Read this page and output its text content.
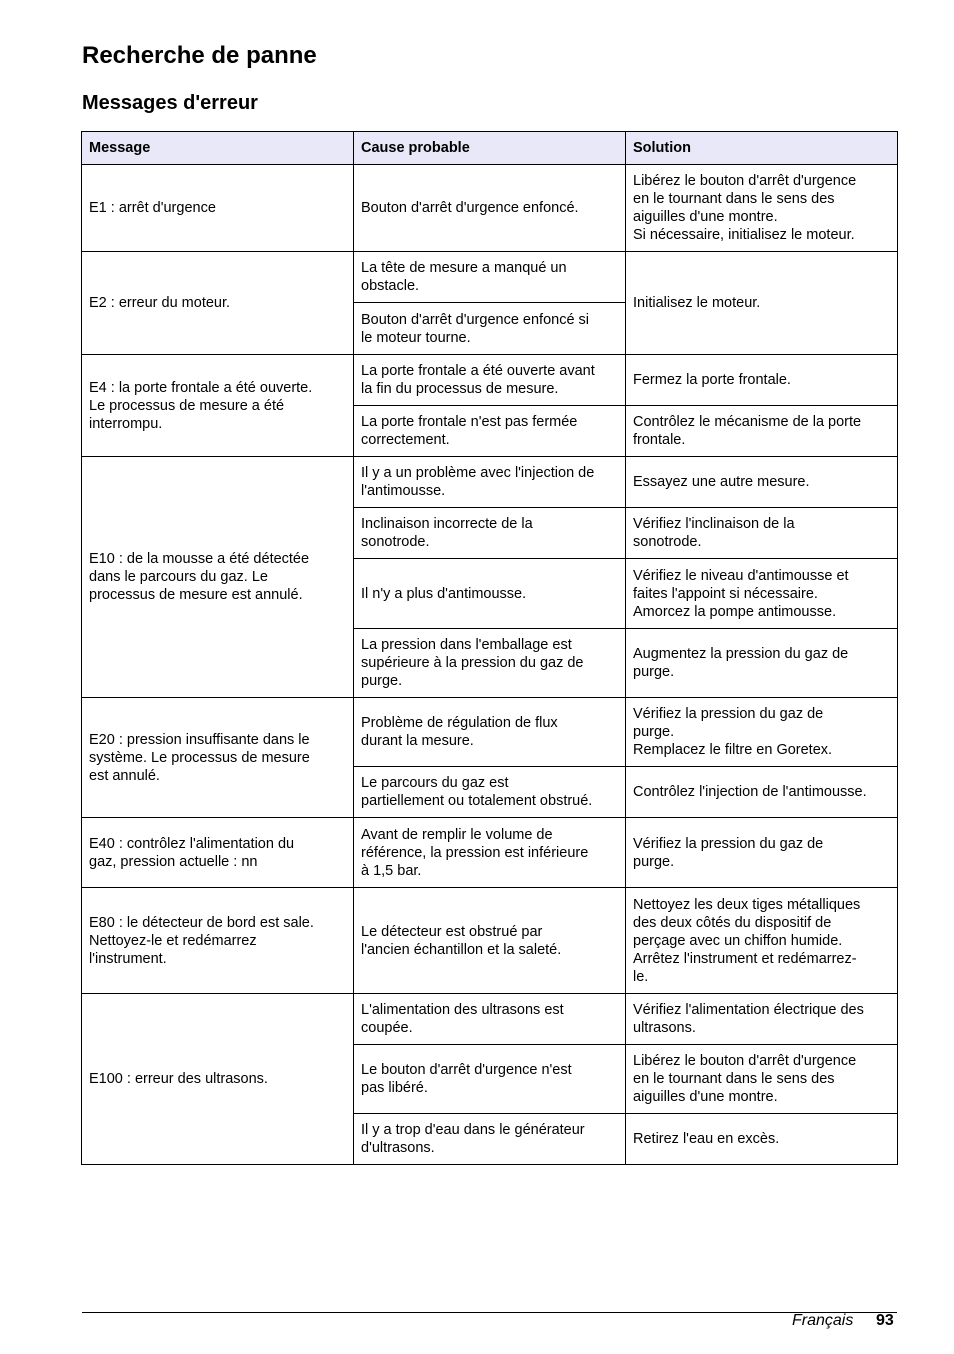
Recherche de panne
Messages d'erreur
Message	Cause probable	Solution
E1 : arrêt d'urgence	Bouton d'arrêt d'urgence enfoncé.	Libérez le bouton d'arrêt d'urgence
en le tournant dans le sens des
aiguilles d'une montre.
Si nécessaire, initialisez le moteur.
E2 : erreur du moteur.	La tête de mesure a manqué un
obstacle.	Initialisez le moteur.
	Bouton d'arrêt d'urgence enfoncé si
le moteur tourne.	
E4 : la porte frontale a été ouverte.
Le processus de mesure a été
interrompu.	La porte frontale a été ouverte avant
la fin du processus de mesure.	Fermez la porte frontale.
	La porte frontale n'est pas fermée
correctement.	Contrôlez le mécanisme de la porte
frontale.
E10 : de la mousse a été détectée
dans le parcours du gaz. Le
processus de mesure est annulé.	Il y a un problème avec l'injection de
l'antimousse.	Essayez une autre mesure.
	Inclinaison incorrecte de la
sonotrode.	Vérifiez l'inclinaison de la
sonotrode.
	Il n'y a plus d'antimousse.	Vérifiez le niveau d'antimousse et
faites l'appoint si nécessaire.
Amorcez la pompe antimousse.
	La pression dans l'emballage est
supérieure à la pression du gaz de
purge.	Augmentez la pression du gaz de
purge.
E20 : pression insuffisante dans le
système. Le processus de mesure
est annulé.	Problème de régulation de flux
durant la mesure.	Vérifiez la pression du gaz de
purge.
Remplacez le filtre en Goretex.
	Le parcours du gaz est
partiellement ou totalement obstrué.	Contrôlez l'injection de l'antimousse.
E40 : contrôlez l'alimentation du
gaz, pression actuelle : nn	Avant de remplir le volume de
référence, la pression est inférieure
à 1,5 bar.	Vérifiez la pression du gaz de
purge.
E80 : le détecteur de bord est sale.
Nettoyez-le et redémarrez
l'instrument.	Le détecteur est obstrué par
l'ancien échantillon et la saleté.	Nettoyez les deux tiges métalliques
des deux côtés du dispositif de
perçage avec un chiffon humide.
Arrêtez l'instrument et redémarrez-
le.
E100 : erreur des ultrasons.	L'alimentation des ultrasons est
coupée.	Vérifiez l'alimentation électrique des
ultrasons.
	Le bouton d'arrêt d'urgence n'est
pas libéré.	Libérez le bouton d'arrêt d'urgence
en le tournant dans le sens des
aiguilles d'une montre.
	Il y a trop d'eau dans le générateur
d'ultrasons.	Retirez l'eau en excès.
Français 93
